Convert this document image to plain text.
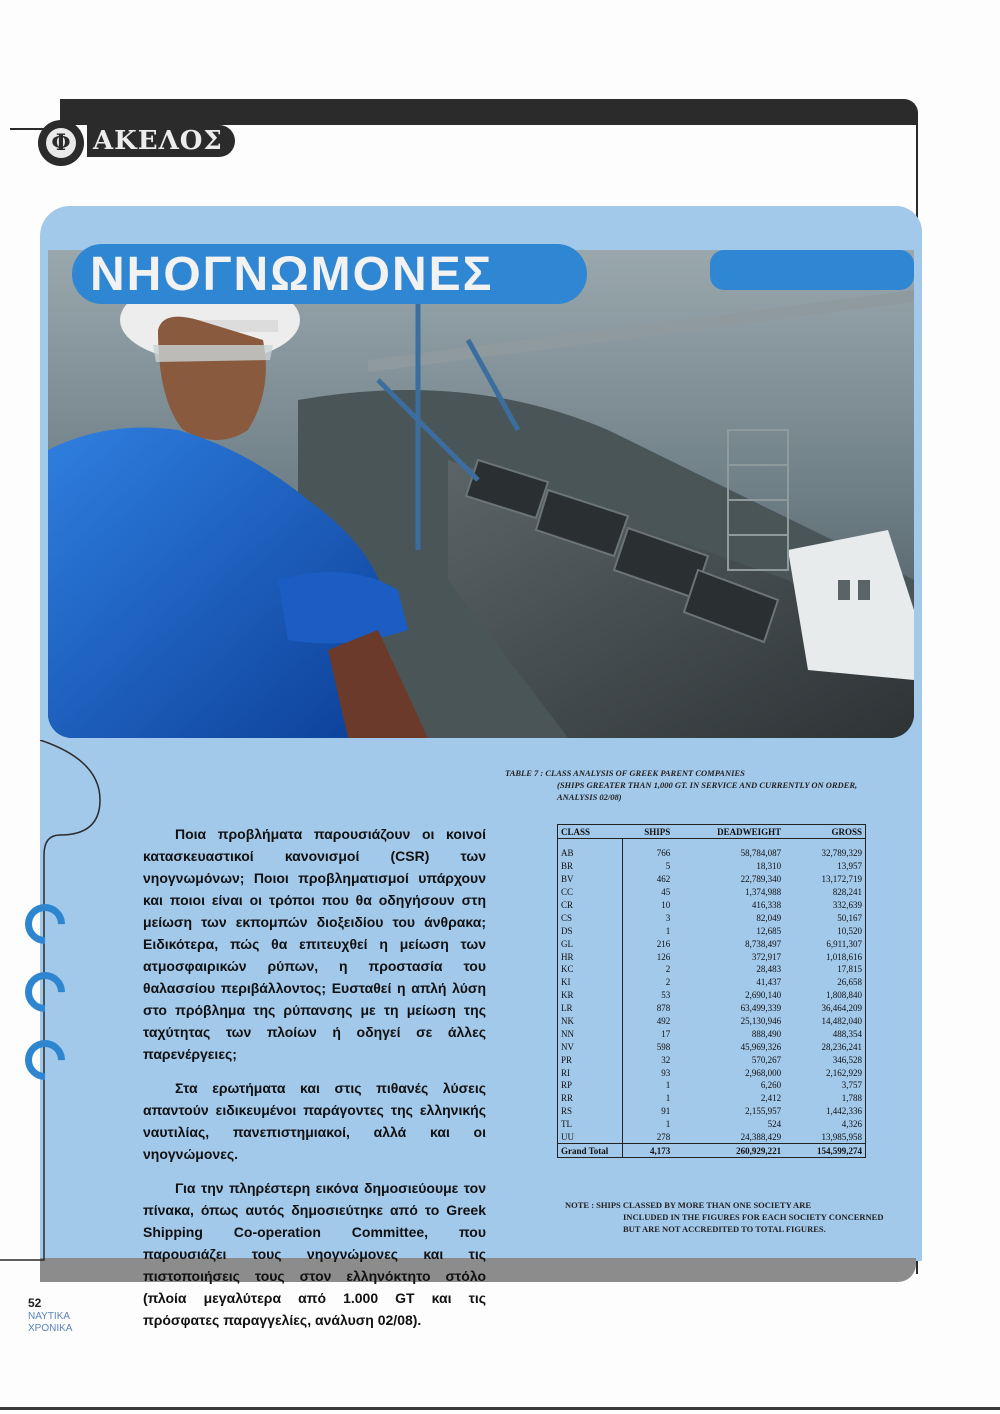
ΑΚΕΛΟΣ
Φ
ΝΗΟΓΝΩΜΟΝΕΣ
TABLE 7 : CLASS ANALYSIS OF GREEK PARENT COMPANIES
(SHIPS GREATER THAN 1,000 GT. IN SERVICE AND CURRENTLY ON ORDER,
ANALYSIS 02/08)

Ποια προβλήματα παρουσιάζουν οι κοινοί κατασκευαστικοί κανονισμοί (CSR) των νηογνωμόνων; Ποιοι προβληματισμοί υπάρχουν και ποιοι είναι οι τρόποι που θα οδηγήσουν στη μείωση των εκπομπών διοξειδίου του άνθρακα; Ειδικότερα, πώς θα επιτευχθεί η μείωση των ατμοσφαιρικών ρύπων, η προστασία του θαλασσίου περιβάλλοντος; Ευσταθεί η απλή λύση στο πρόβλημα της ρύπανσης με τη μείωση της ταχύτητας των πλοίων ή οδηγεί σε άλλες παρενέργειες;

Στα ερωτήματα και στις πιθανές λύσεις απαντούν ειδικευμένοι παράγοντες της ελληνικής ναυτιλίας, πανεπιστημιακοί, αλλά και οι νηογνώμονες.

Για την πληρέστερη εικόνα δημοσιεύουμε τον πίνακα, όπως αυτός δημοσιεύτηκε από το Greek Shipping Co-operation Committee, που παρουσιάζει τους νηογνώμονες και τις πιστοποιήσεις τους στον ελληνόκτητο στόλο (πλοία μεγαλύτερα από 1.000 GT και τις πρόσφατες παραγγελίες, ανάλυση 02/08).

CLASS	SHIPS	DEADWEIGHT	GROSS
AB	766	58,784,087	32,789,329
BR	5	18,310	13,957
BV	462	22,789,340	13,172,719
CC	45	1,374,988	828,241
CR	10	416,338	332,639
CS	3	82,049	50,167
DS	1	12,685	10,520
GL	216	8,738,497	6,911,307
HR	126	372,917	1,018,616
KC	2	28,483	17,815
KI	2	41,437	26,658
KR	53	2,690,140	1,808,840
LR	878	63,499,339	36,464,209
NK	492	25,130,946	14,482,040
NN	17	888,490	488,354
NV	598	45,969,326	28,236,241
PR	32	570,267	346,528
RI	93	2,968,000	2,162,929
RP	1	6,260	3,757
RR	1	2,412	1,788
RS	91	2,155,957	1,442,336
TL	1	524	4,326
UU	278	24,388,429	13,985,958
Grand Total	4,173	260,929,221	154,599,274
NOTE : SHIPS CLASSED BY MORE THAN ONE SOCIETY ARE
INCLUDED IN THE FIGURES FOR EACH SOCIETY CONCERNED
BUT ARE NOT ACCREDITED TO TOTAL FIGURES.
52
ΝΑΥΤΙΚΑ
ΧΡΟΝΙΚΑ
